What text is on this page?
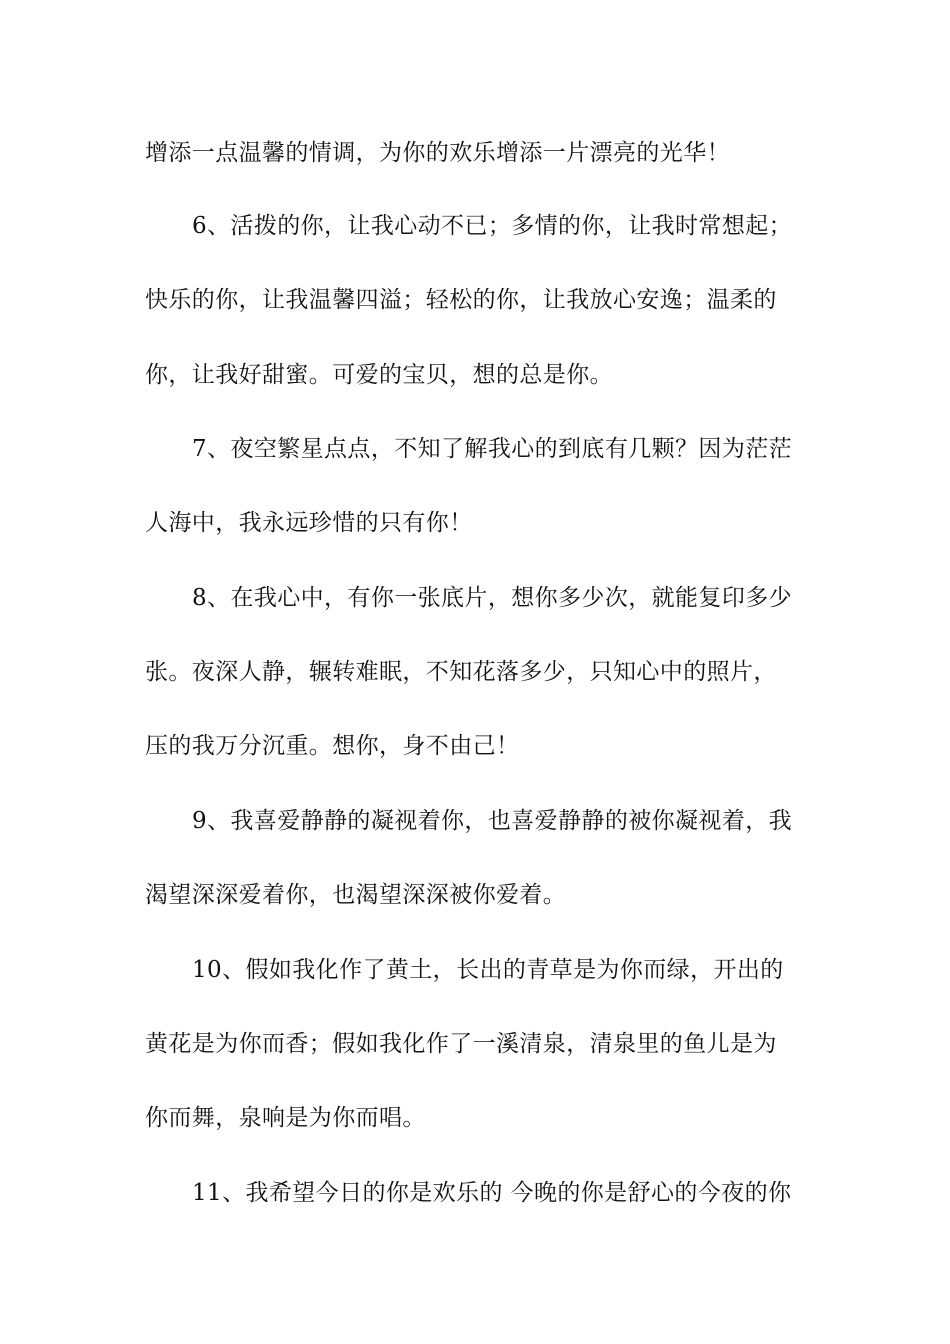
增添一点温馨的情调，为你的欢乐增添一片漂亮的光华！
6、活拨的你，让我心动不已；多情的你，让我时常想起；
快乐的你，让我温馨四溢；轻松的你，让我放心安逸；温柔的
你，让我好甜蜜。可爱的宝贝，想的总是你。
7、夜空繁星点点，不知了解我心的到底有几颗？因为茫茫
人海中，我永远珍惜的只有你！
8、在我心中，有你一张底片，想你多少次，就能复印多少
张。夜深人静，辗转难眠，不知花落多少，只知心中的照片，
压的我万分沉重。想你，身不由己！
9、我喜爱静静的凝视着你，也喜爱静静的被你凝视着，我
渴望深深爱着你，也渴望深深被你爱着。
10、假如我化作了黄土，长出的青草是为你而绿，开出的
黄花是为你而香；假如我化作了一溪清泉，清泉里的鱼儿是为
你而舞，泉响是为你而唱。
11、我希望今日的你是欢乐的 今晚的你是舒心的今夜的你
